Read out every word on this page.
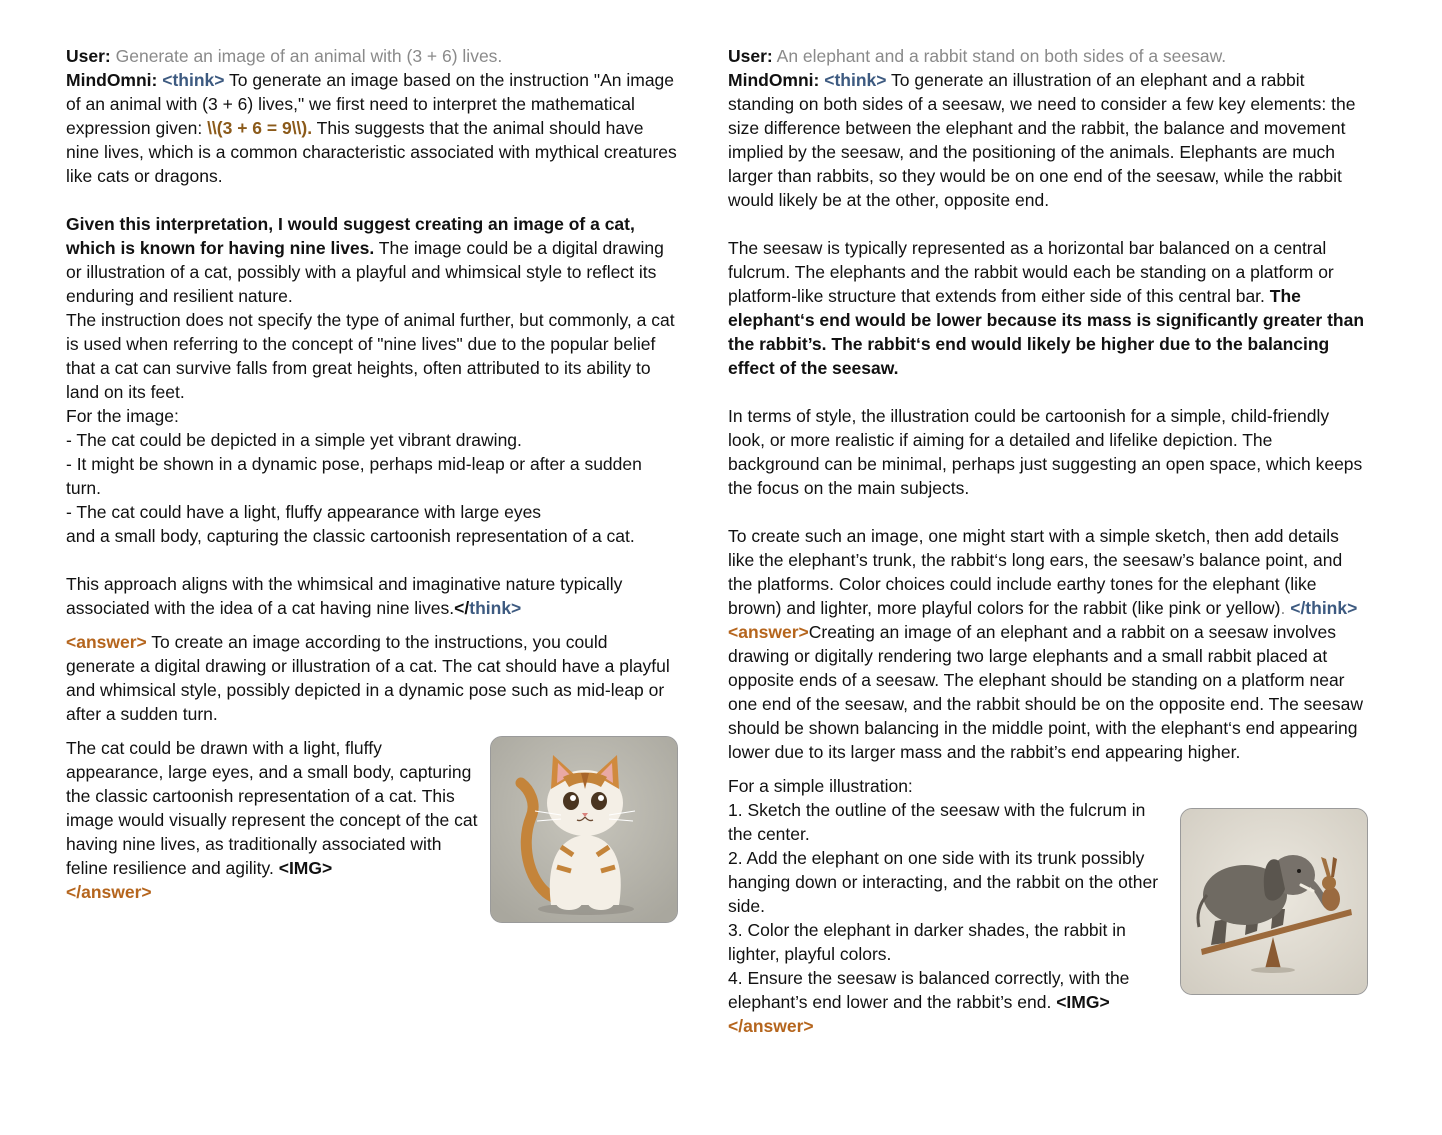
User: Generate an image of an animal with (3 + 6) lives.

MindOmni: <think> To generate an image based on the instruction "An image of an animal with (3 + 6) lives," we first need to interpret the mathematical expression given: \\(3 + 6 = 9\\). This suggests that the animal should have nine lives, which is a common characteristic associated with mythical creatures like cats or dragons.

Given this interpretation, I would suggest creating an image of a cat, which is known for having nine lives. The image could be a digital drawing or illustration of a cat, possibly with a playful and whimsical style to reflect its enduring and resilient nature.

The instruction does not specify the type of animal further, but commonly, a cat is used when referring to the concept of "nine lives" due to the popular belief that a cat can survive falls from great heights, often attributed to its ability to land on its feet.

For the image:

- The cat could be depicted in a simple yet vibrant drawing.

- It might be shown in a dynamic pose, perhaps mid-leap or after a sudden turn.

- The cat could have a light, fluffy appearance with large eyes

and a small body, capturing the classic cartoonish representation of a cat.

This approach aligns with the whimsical and imaginative nature typically associated with the idea of a cat having nine lives.</think>

<answer> To create an image according to the instructions, you could generate a digital drawing or illustration of a cat. The cat should have a playful and whimsical style, possibly depicted in a dynamic pose such as mid-leap or after a sudden turn.

The cat could be drawn with a light, fluffy appearance, large eyes, and a small body, capturing the classic cartoonish representation of a cat. This image would visually represent the concept of the cat having nine lives, as traditionally associated with feline resilience and agility. <IMG>
</answer>

User: An elephant and a rabbit stand on both sides of a seesaw.

MindOmni: <think> To generate an illustration of an elephant and a rabbit standing on both sides of a seesaw, we need to consider a few key elements: the size difference between the elephant and the rabbit, the balance and movement implied by the seesaw, and the positioning of the animals. Elephants are much larger than rabbits, so they would be on one end of the seesaw, while the rabbit would likely be at the other, opposite end.

The seesaw is typically represented as a horizontal bar balanced on a central fulcrum. The elephants and the rabbit would each be standing on a platform or platform-like structure that extends from either side of this central bar. The elephant‘s end would be lower because its mass is significantly greater than the rabbit’s. The rabbit‘s end would likely be higher due to the balancing effect of the seesaw.

In terms of style, the illustration could be cartoonish for a simple, child-friendly look, or more realistic if aiming for a detailed and lifelike depiction. The background can be minimal, perhaps just suggesting an open space, which keeps the focus on the main subjects.

To create such an image, one might start with a simple sketch, then add details like the elephant’s trunk, the rabbit‘s long ears, the seesaw’s balance point, and the platforms. Color choices could include earthy tones for the elephant (like brown) and lighter, more playful colors for the rabbit (like pink or yellow). </think>

<answer>Creating an image of an elephant and a rabbit on a seesaw involves drawing or digitally rendering two large elephants and a small rabbit placed at opposite ends of a seesaw. The elephant should be standing on a platform near one end of the seesaw, and the rabbit should be on the opposite end. The seesaw should be shown balancing in the middle point, with the elephant‘s end appearing lower due to its larger mass and the rabbit’s end appearing higher.

For a simple illustration:

1. Sketch the outline of the seesaw with the fulcrum in the center.

2. Add the elephant on one side with its trunk possibly hanging down or interacting, and the rabbit on the other side.

3. Color the elephant in darker shades, the rabbit in lighter, playful colors.

4. Ensure the seesaw is balanced correctly, with the elephant’s end lower and the rabbit’s end. <IMG>
</answer>
